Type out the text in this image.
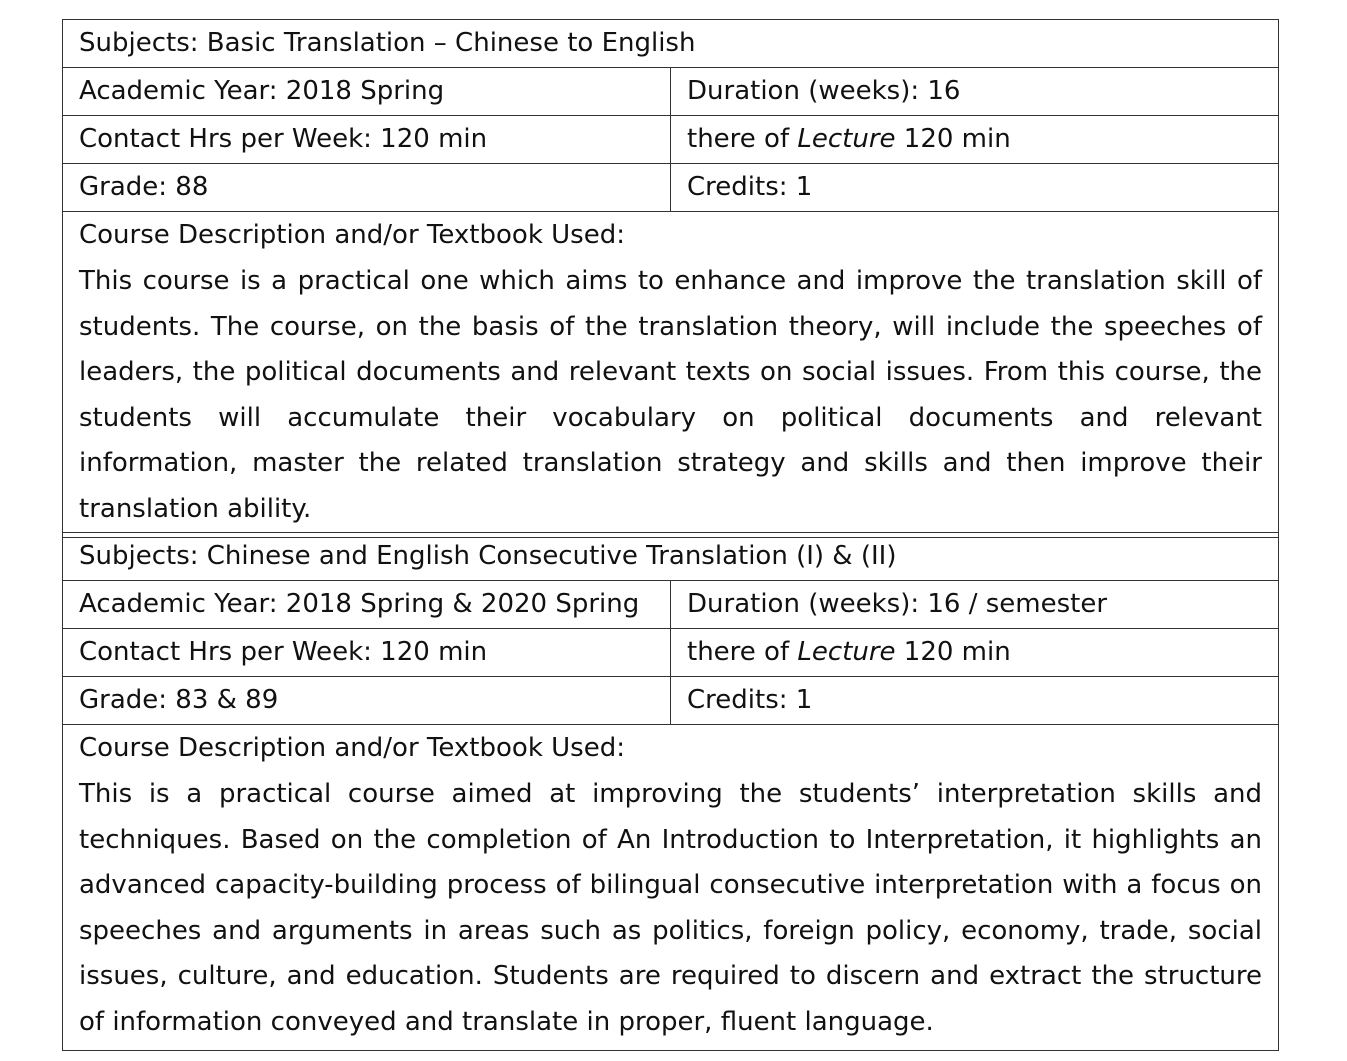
Subjects: Basic Translation – Chinese to English	
Academic Year: 2018 Spring	Duration (weeks): 16
Contact Hrs per Week: 120 min	there of Lecture 120 min
Grade: 88	Credits: 1

Course Description and/or Textbook Used:
This course is a practical one which aims to enhance and improve the translation skill of students. The course, on the basis of the translation theory, will include the speeches of leaders, the political documents and relevant texts on social issues. From this course, the students will accumulate their vocabulary on political documents and relevant information, master the related translation strategy and skills and then improve their translation ability.	
Subjects: Chinese and English Consecutive Translation (I) & (II)	
Academic Year: 2018 Spring & 2020 Spring	Duration (weeks): 16 / semester
Contact Hrs per Week: 120 min	there of Lecture 120 min
Grade: 83 & 89	Credits: 1

Course Description and/or Textbook Used:
This is a practical course aimed at improving the students’ interpretation skills and techniques. Based on the completion of An Introduction to Interpretation, it highlights an advanced capacity-building process of bilingual consecutive interpretation with a focus on speeches and arguments in areas such as politics, foreign policy, economy, trade, social issues, culture, and education. Students are required to discern and extract the structure of information conveyed and translate in proper, fluent language.	
